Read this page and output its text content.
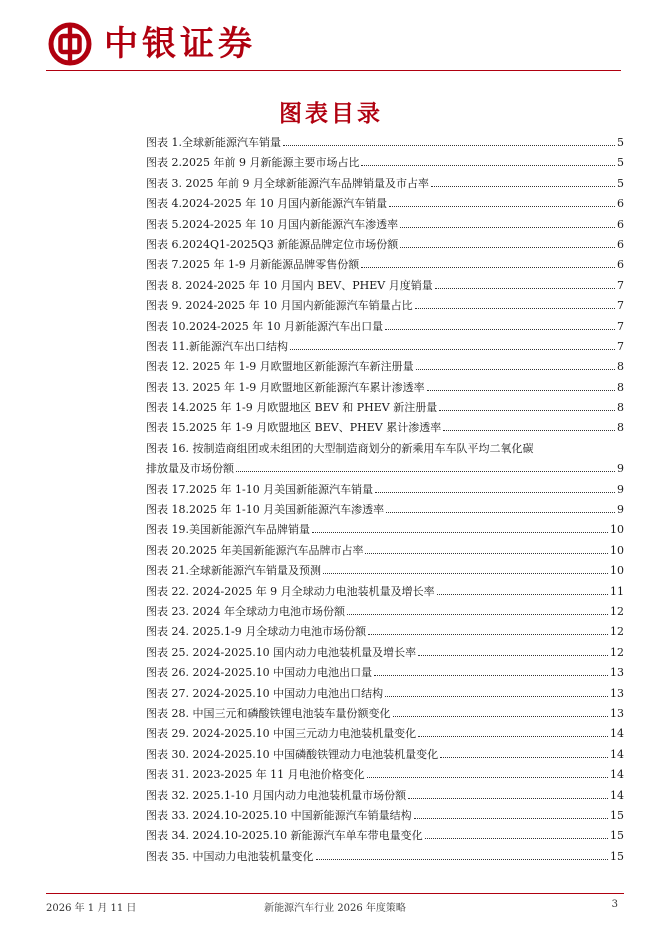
中银证券
图表目录
图表 1.全球新能源汽车销量	5
图表 2.2025 年前 9 月新能源主要市场占比	5
图表 3. 2025 年前 9 月全球新能源汽车品牌销量及市占率	5
图表 4.2024-2025 年 10 月国内新能源汽车销量	6
图表 5.2024-2025 年 10 月国内新能源汽车渗透率	6
图表 6.2024Q1-2025Q3 新能源品牌定位市场份额	6
图表 7.2025 年 1-9 月新能源品牌零售份额	6
图表 8. 2024-2025 年 10 月国内 BEV、PHEV 月度销量	7
图表 9. 2024-2025 年 10 月国内新能源汽车销量占比	7
图表 10.2024-2025 年 10 月新能源汽车出口量	7
图表 11.新能源汽车出口结构	7
图表 12. 2025 年 1-9 月欧盟地区新能源汽车新注册量	8
图表 13. 2025 年 1-9 月欧盟地区新能源汽车累计渗透率	8
图表 14.2025 年 1-9 月欧盟地区 BEV 和 PHEV 新注册量	8
图表 15.2025 年 1-9 月欧盟地区 BEV、PHEV 累计渗透率	8
图表 16. 按制造商组团或未组团的大型制造商划分的新乘用车车队平均二氧化碳
排放量及市场份额	9
图表 17.2025 年 1-10 月美国新能源汽车销量	9
图表 18.2025 年 1-10 月美国新能源汽车渗透率	9
图表 19.美国新能源汽车品牌销量	10
图表 20.2025 年美国新能源汽车品牌市占率	10
图表 21.全球新能源汽车销量及预测	10
图表 22. 2024-2025 年 9 月全球动力电池装机量及增长率	11
图表 23. 2024 年全球动力电池市场份额	12
图表 24. 2025.1-9 月全球动力电池市场份额	12
图表 25. 2024-2025.10 国内动力电池装机量及增长率	12
图表 26. 2024-2025.10 中国动力电池出口量	13
图表 27. 2024-2025.10 中国动力电池出口结构	13
图表 28. 中国三元和磷酸铁锂电池装车量份额变化	13
图表 29. 2024-2025.10 中国三元动力电池装机量变化	14
图表 30. 2024-2025.10 中国磷酸铁锂动力电池装机量变化	14
图表 31. 2023-2025 年 11 月电池价格变化	14
图表 32. 2025.1-10 月国内动力电池装机量市场份额	14
图表 33. 2024.10-2025.10 中国新能源汽车销量结构	15
图表 34. 2024.10-2025.10 新能源汽车单车带电量变化	15
图表 35. 中国动力电池装机量变化	15
2026 年 1 月 11 日	新能源汽车行业 2026 年度策略	3
